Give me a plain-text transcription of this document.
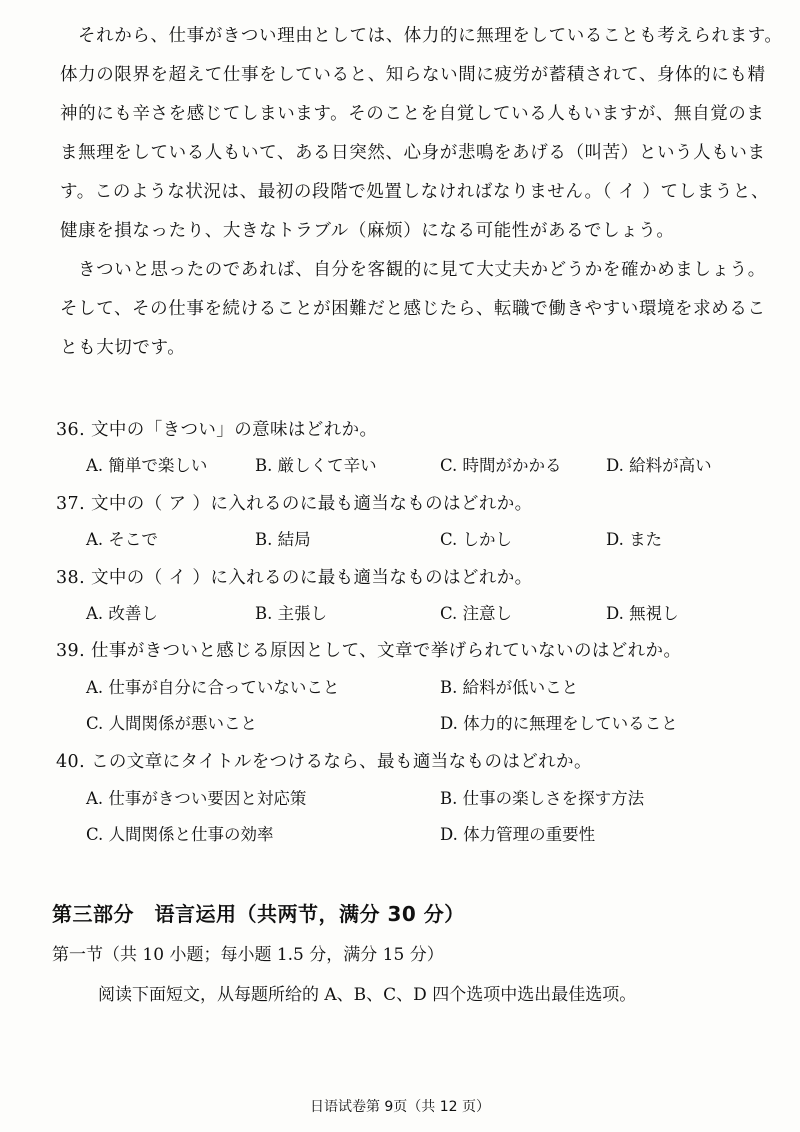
それから、仕事がきつい理由としては、体力的に無理をしていることも考えられます。
体力の限界を超えて仕事をしていると、知らない間に疲労が蓄積されて、身体的にも精
神的にも辛さを感じてしまいます。そのことを自覚している人もいますが、無自覚のま
ま無理をしている人もいて、ある日突然、心身が悲鳴をあげる（叫苦）という人もいま
す。このような状況は、最初の段階で処置しなければなりません。（ イ ）てしまうと、
健康を損なったり、大きなトラブル（麻烦）になる可能性があるでしょう。
きついと思ったのであれば、自分を客観的に見て大丈夫かどうかを確かめましょう。
そして、その仕事を続けることが困難だと感じたら、転職で働きやすい環境を求めるこ
とも大切です。
36. 文中の「きつい」の意味はどれか。
A. 簡単で楽しい	B. 厳しくて辛い	C. 時間がかかる	D. 給料が高い
37. 文中の（ ア ）に入れるのに最も適当なものはどれか。
A. そこで	B. 結局	C. しかし	D. また
38. 文中の（ イ ）に入れるのに最も適当なものはどれか。
A. 改善し	B. 主張し	C. 注意し	D. 無視し
39. 仕事がきついと感じる原因として、文章で挙げられていないのはどれか。
A. 仕事が自分に合っていないこと	B. 給料が低いこと
C. 人間関係が悪いこと	D. 体力的に無理をしていること
40. この文章にタイトルをつけるなら、最も適当なものはどれか。
A. 仕事がきつい要因と対応策	B. 仕事の楽しさを探す方法
C. 人間関係と仕事の効率	D. 体力管理の重要性
第三部分　语言运用（共两节，满分 30 分）
第一节（共 10 小题；每小题 1.5 分，满分 15 分）
阅读下面短文，从每题所给的 A、B、C、D 四个选项中选出最佳选项。
日语试卷第 9页（共 12 页）
